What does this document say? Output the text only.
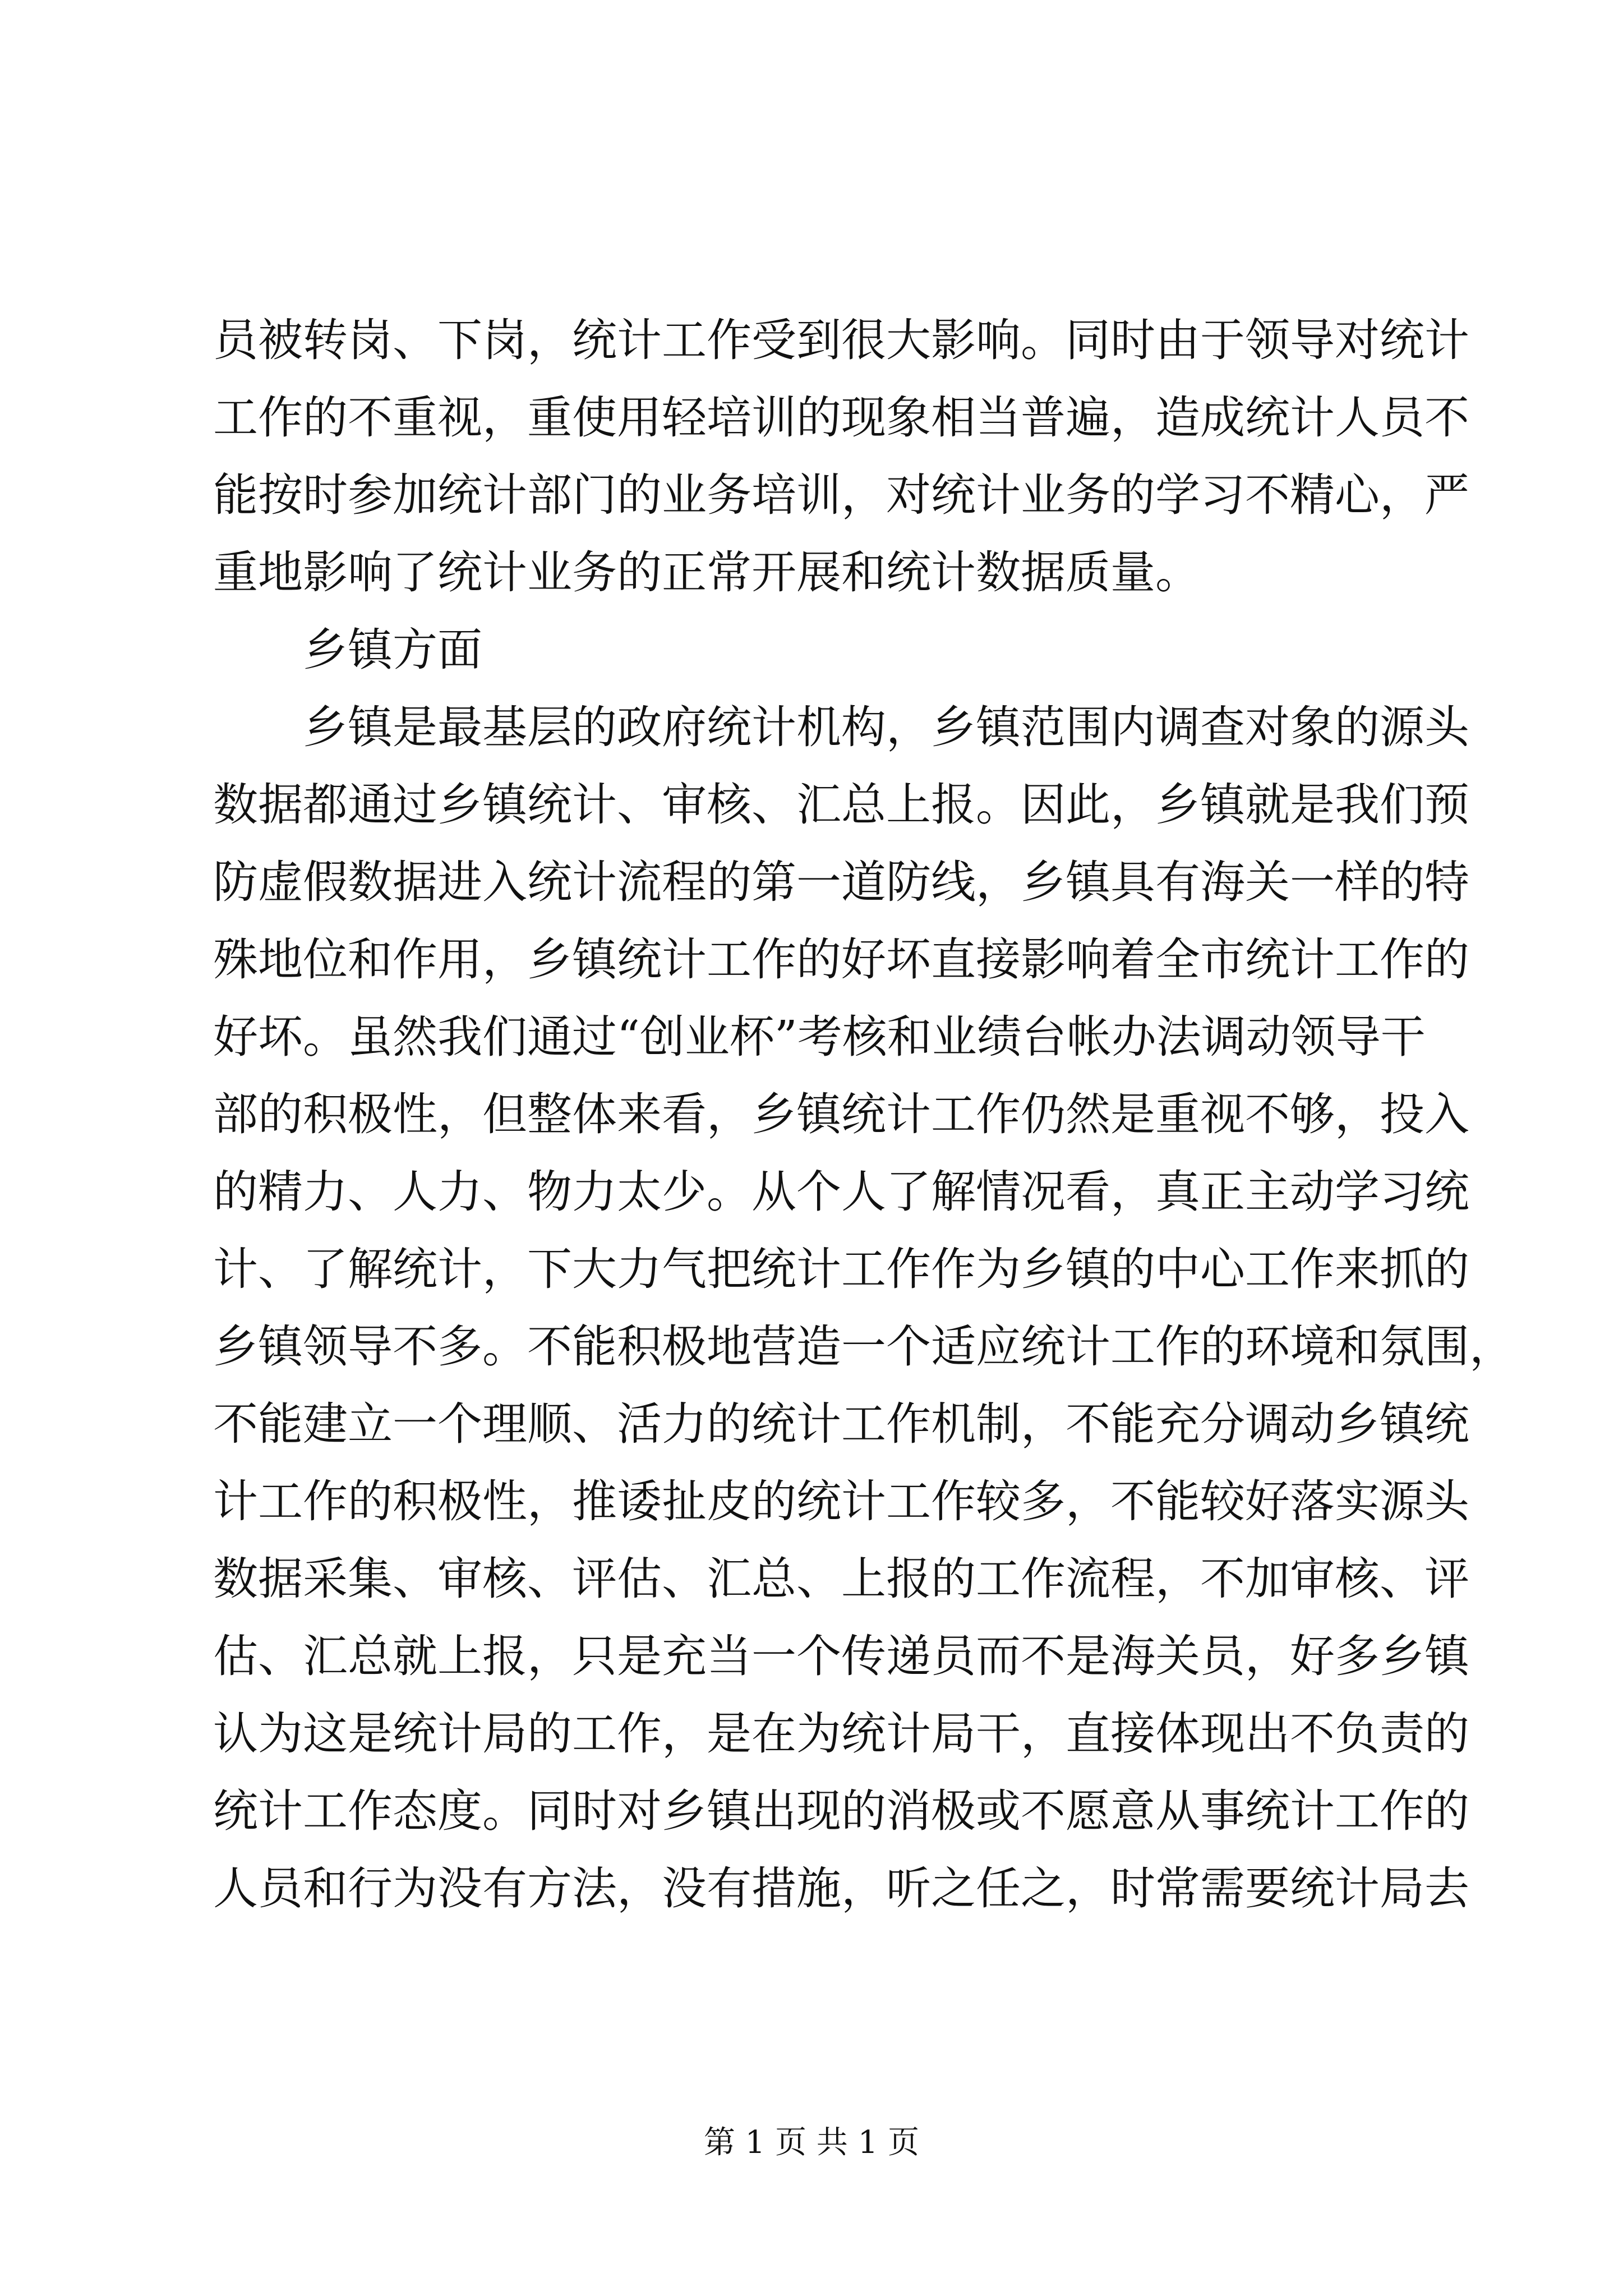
员被转岗、下岗，统计工作受到很大影响。同时由于领导对统计
工作的不重视，重使用轻培训的现象相当普遍，造成统计人员不
能按时参加统计部门的业务培训，对统计业务的学习不精心，严
重地影响了统计业务的正常开展和统计数据质量。
乡镇方面
乡镇是最基层的政府统计机构，乡镇范围内调查对象的源头
数据都通过乡镇统计、审核、汇总上报。因此，乡镇就是我们预
防虚假数据进入统计流程的第一道防线，乡镇具有海关一样的特
殊地位和作用，乡镇统计工作的好坏直接影响着全市统计工作的
好坏。虽然我们通过“创业杯”考核和业绩台帐办法调动领导干
部的积极性，但整体来看，乡镇统计工作仍然是重视不够，投入
的精力、人力、物力太少。从个人了解情况看，真正主动学习统
计、了解统计，下大力气把统计工作作为乡镇的中心工作来抓的
乡镇领导不多。不能积极地营造一个适应统计工作的环境和氛围，
不能建立一个理顺、活力的统计工作机制，不能充分调动乡镇统
计工作的积极性，推诿扯皮的统计工作较多，不能较好落实源头
数据采集、审核、评估、汇总、上报的工作流程，不加审核、评
估、汇总就上报，只是充当一个传递员而不是海关员，好多乡镇
认为这是统计局的工作，是在为统计局干，直接体现出不负责的
统计工作态度。同时对乡镇出现的消极或不愿意从事统计工作的
人员和行为没有方法，没有措施，听之任之，时常需要统计局去
第 1 页 共 1 页
